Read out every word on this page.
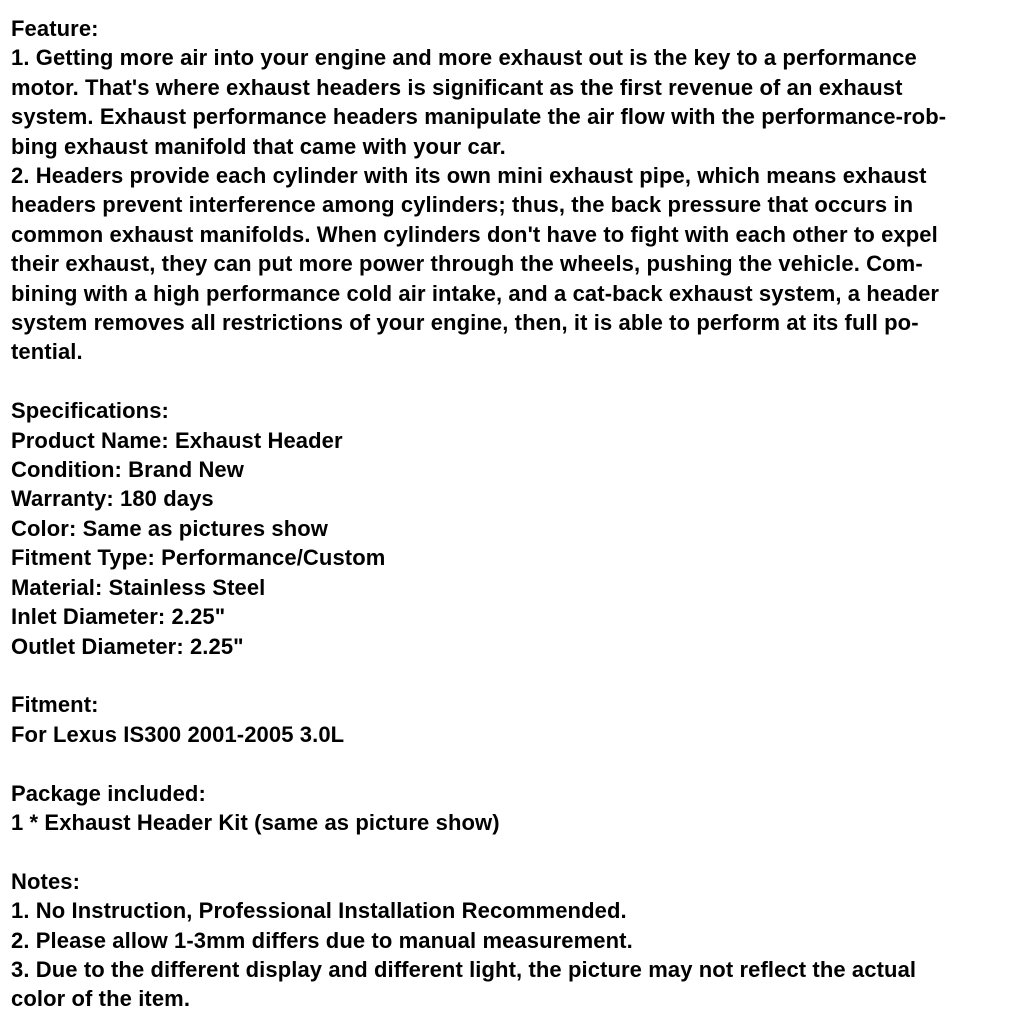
Feature:
1. Getting more air into your engine and more exhaust out is the key to a performance
motor. That's where exhaust headers is significant as the first revenue of an exhaust
system. Exhaust performance headers manipulate the air flow with the performance-rob-
bing exhaust manifold that came with your car.
2. Headers provide each cylinder with its own mini exhaust pipe, which means exhaust
headers prevent interference among cylinders; thus, the back pressure that occurs in
common exhaust manifolds. When cylinders don't have to fight with each other to expel
their exhaust, they can put more power through the wheels, pushing the vehicle. Com-
bining with a high performance cold air intake, and a cat-back exhaust system, a header
system removes all restrictions of your engine, then, it is able to perform at its full po-
tential.
Specifications:
Product Name: Exhaust Header
Condition: Brand New
Warranty: 180 days
Color: Same as pictures show
Fitment Type: Performance/Custom
Material: Stainless Steel
Inlet Diameter: 2.25"
Outlet Diameter: 2.25"
Fitment:
For Lexus IS300 2001-2005 3.0L
Package included:
1 * Exhaust Header Kit (same as picture show)
Notes:
1. No Instruction, Professional Installation Recommended.
2. Please allow 1-3mm differs due to manual measurement.
3. Due to the different display and different light, the picture may not reflect the actual
color of the item.
